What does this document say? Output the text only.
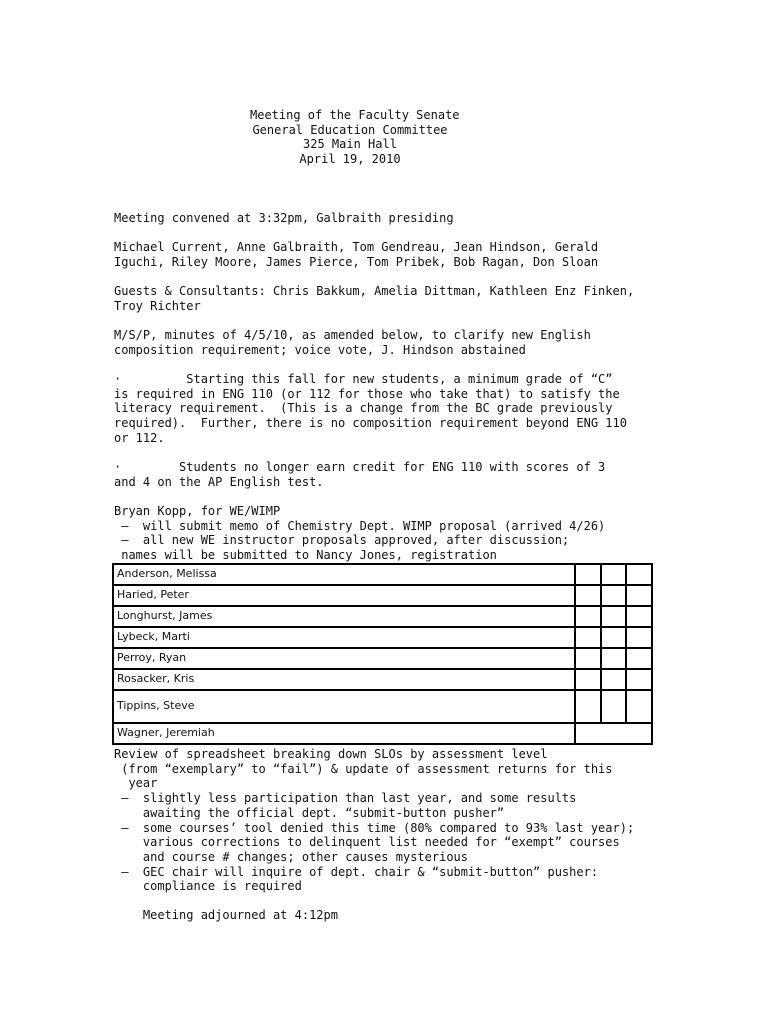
Meeting of the Faculty Senate
General Education Committee
325 Main Hall
April 19, 2010
Meeting convened at 3:32pm, Galbraith presiding
Michael Current, Anne Galbraith, Tom Gendreau, Jean Hindson, Gerald
Iguchi, Riley Moore, James Pierce, Tom Pribek, Bob Ragan, Don Sloan
Guests & Consultants: Chris Bakkum, Amelia Dittman, Kathleen Enz Finken,
Troy Richter
M/S/P, minutes of 4/5/10, as amended below, to clarify new English
composition requirement; voice vote, J. Hindson abstained
·         Starting this fall for new students, a minimum grade of “C”
is required in ENG 110 (or 112 for those who take that) to satisfy the
literacy requirement.  (This is a change from the BC grade previously
required).  Further, there is no composition requirement beyond ENG 110
or 112.
·        Students no longer earn credit for ENG 110 with scores of 3
and 4 on the AP English test.
Bryan Kopp, for WE/WIMP
–  will submit memo of Chemistry Dept. WIMP proposal (arrived 4/26)
–  all new WE instructor proposals approved, after discussion;
names will be submitted to Nancy Jones, registration
Anderson, Melissa			
Haried, Peter			
Longhurst, James			
Lybeck, Marti			
Perroy, Ryan			
Rosacker, Kris			
Tippins, Steve			
Wagner, Jeremiah			
Review of spreadsheet breaking down SLOs by assessment level
(from “exemplary” to “fail”) & update of assessment returns for this
year
–  slightly less participation than last year, and some results
awaiting the official dept. “submit-button pusher”
–  some courses’ tool denied this time (80% compared to 93% last year);
various corrections to delinquent list needed for “exempt” courses
and course # changes; other causes mysterious
–  GEC chair will inquire of dept. chair & “submit-button” pusher:
compliance is required
Meeting adjourned at 4:12pm
